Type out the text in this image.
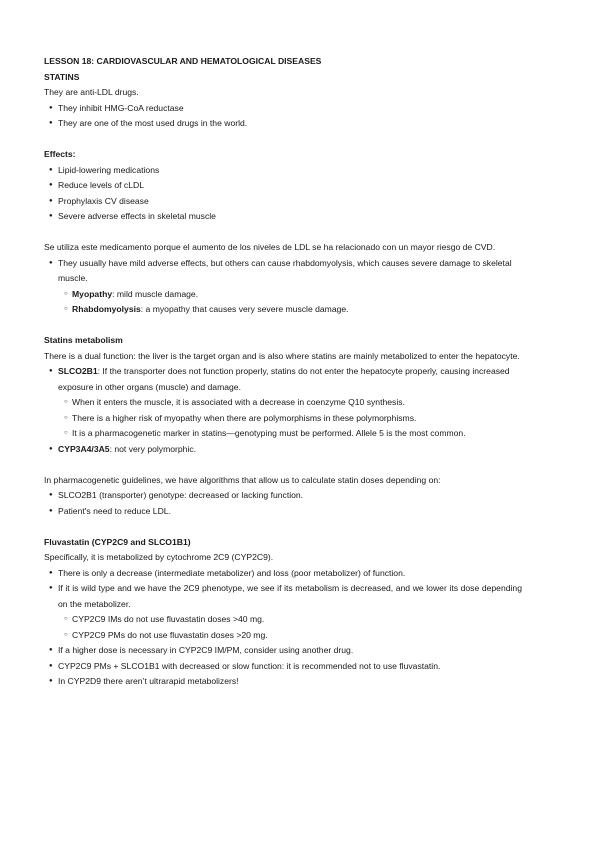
LESSON 18: CARDIOVASCULAR AND HEMATOLOGICAL DISEASES

STATINS

They are anti-LDL drugs.

● They inhibit HMG-CoA reductase
● They are one of the most used drugs in the world.

Effects:

● Lipid-lowering medications
● Reduce levels of cLDL
● Prophylaxis CV disease
● Severe adverse effects in skeletal muscle

Se utiliza este medicamento porque el aumento de los niveles de LDL se ha relacionado con un mayor riesgo de CVD.

● They usually have mild adverse effects, but others can cause rhabdomyolysis, which causes severe damage to skeletal muscle.
○ Myopathy: mild muscle damage.
○ Rhabdomyolysis: a myopathy that causes very severe muscle damage.

Statins metabolism

There is a dual function: the liver is the target organ and is also where statins are mainly metabolized to enter the hepatocyte.

● SLCO2B1: If the transporter does not function properly, statins do not enter the hepatocyte properly, causing increased exposure in other organs (muscle) and damage.
○ When it enters the muscle, it is associated with a decrease in coenzyme Q10 synthesis.
○ There is a higher risk of myopathy when there are polymorphisms in these polymorphisms.
○ It is a pharmacogenetic marker in statins—genotyping must be performed. Allele 5 is the most common.
● CYP3A4/3A5: not very polymorphic.

In pharmacogenetic guidelines, we have algorithms that allow us to calculate statin doses depending on:

● SLCO2B1 (transporter) genotype: decreased or lacking function.
● Patient's need to reduce LDL.

Fluvastatin (CYP2C9 and SLCO1B1)

Specifically, it is metabolized by cytochrome 2C9 (CYP2C9).

● There is only a decrease (intermediate metabolizer) and loss (poor metabolizer) of function.
● If it is wild type and we have the 2C9 phenotype, we see if its metabolism is decreased, and we lower its dose depending on the metabolizer.
○ CYP2C9 IMs do not use fluvastatin doses >40 mg.
○ CYP2C9 PMs do not use fluvastatin doses >20 mg.
● If a higher dose is necessary in CYP2C9 IM/PM, consider using another drug.
● CYP2C9 PMs + SLCO1B1 with decreased or slow function: it is recommended not to use fluvastatin.
● In CYP2D9 there aren’t ultrarapid metabolizers!
